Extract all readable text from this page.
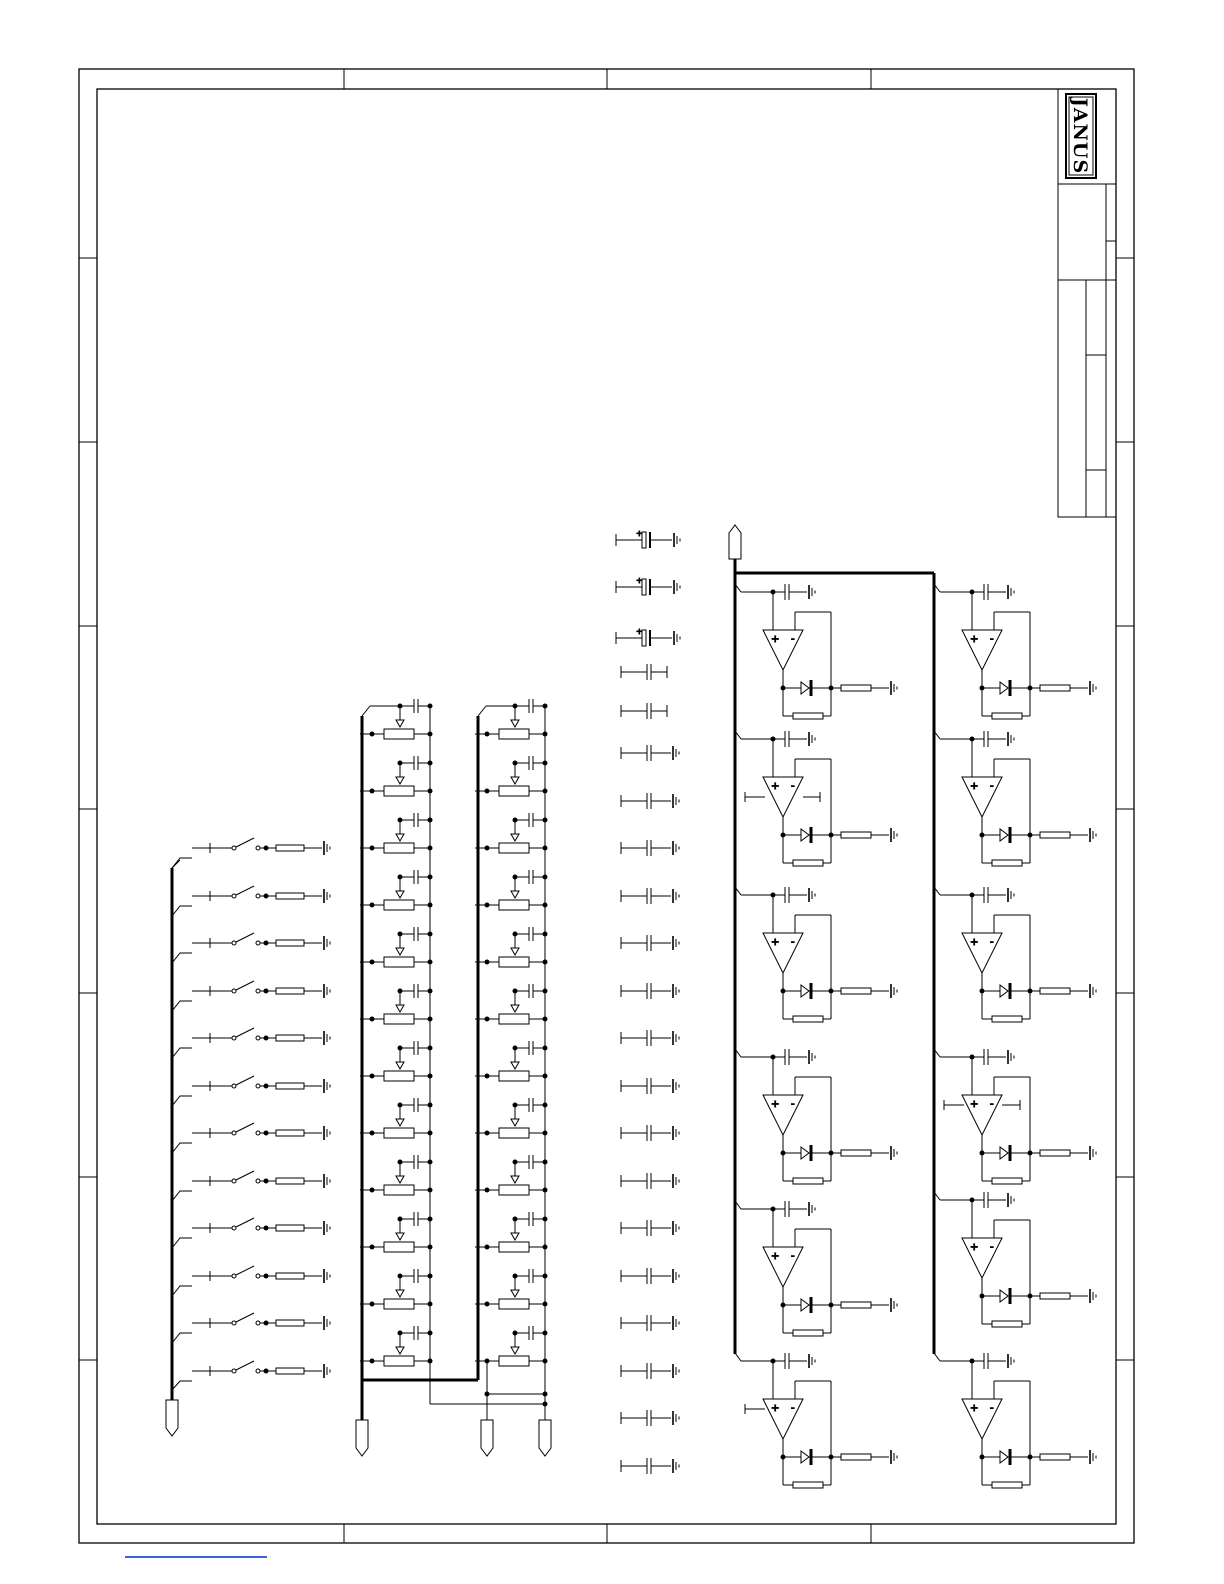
+	-
JANUS
